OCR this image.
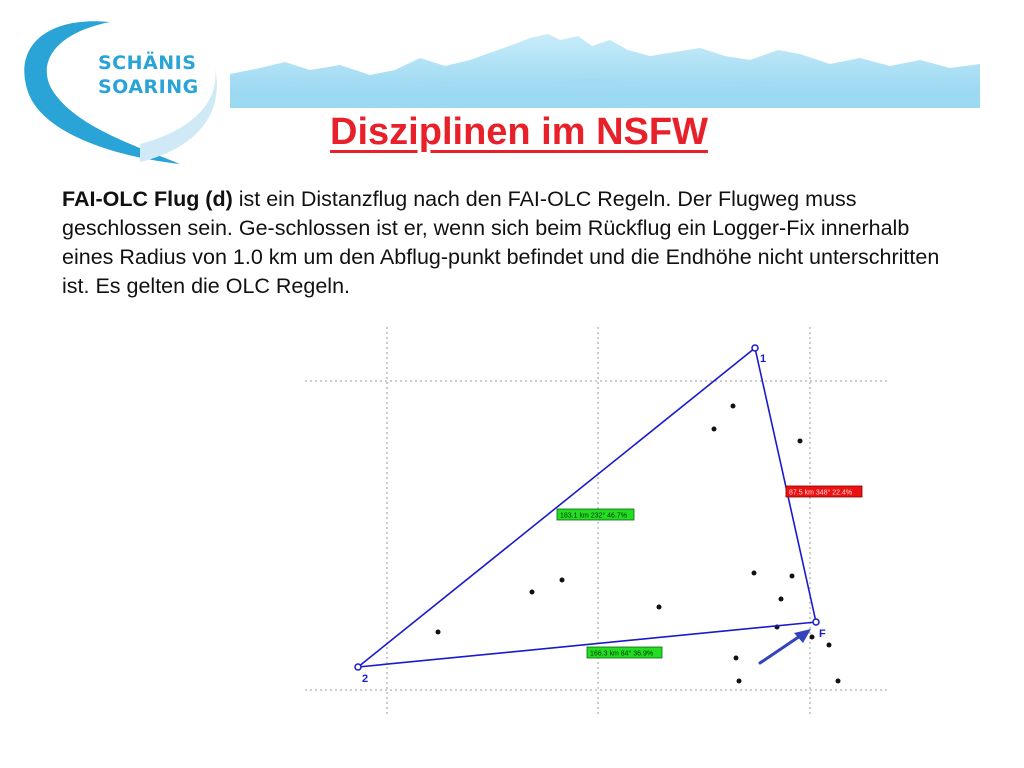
SCHÄNIS
SOARING
Disziplinen im NSFW

FAI-OLC Flug (d) ist ein Distanzflug nach den FAI-OLC Regeln. Der Flugweg muss geschlossen sein. Ge-schlossen ist er, wenn sich beim Rückflug ein Logger-Fix innerhalb eines Radius von 1.0 km um den Abflug-punkt befindet und die Endhöhe nicht unterschritten ist. Es gelten die OLC Regeln.

1
2
F
183.1 km 232° 46.7%
87.5 km 348° 22.4%
166.3 km 84° 36.9%
